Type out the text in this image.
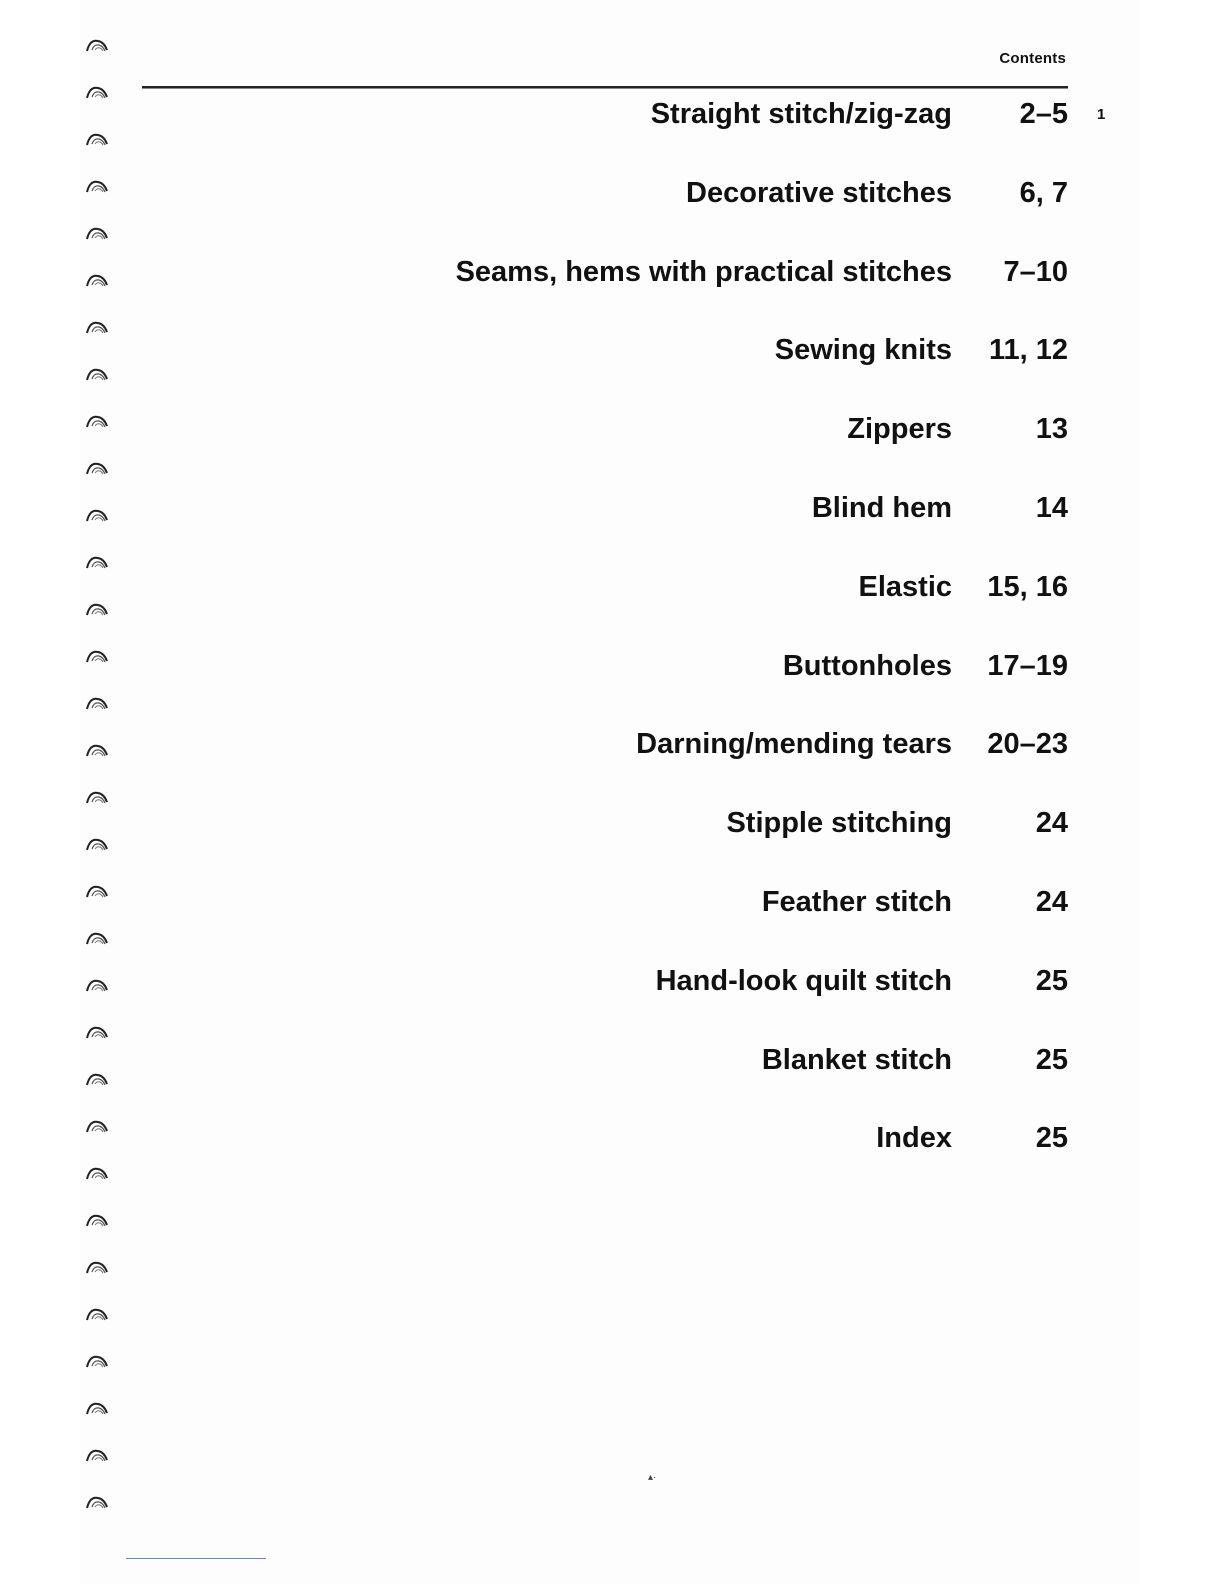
Contents
1
Straight stitch/zig-zag	2–5
Decorative stitches	6, 7
Seams, hems with practical stitches	7–10
Sewing knits	11, 12
Zippers	13
Blind hem	14
Elastic	15, 16
Buttonholes	17–19
Darning/mending tears	20–23
Stipple stitching	24
Feather stitch	24
Hand-look quilt stitch	25
Blanket stitch	25
Index	25
▴·
